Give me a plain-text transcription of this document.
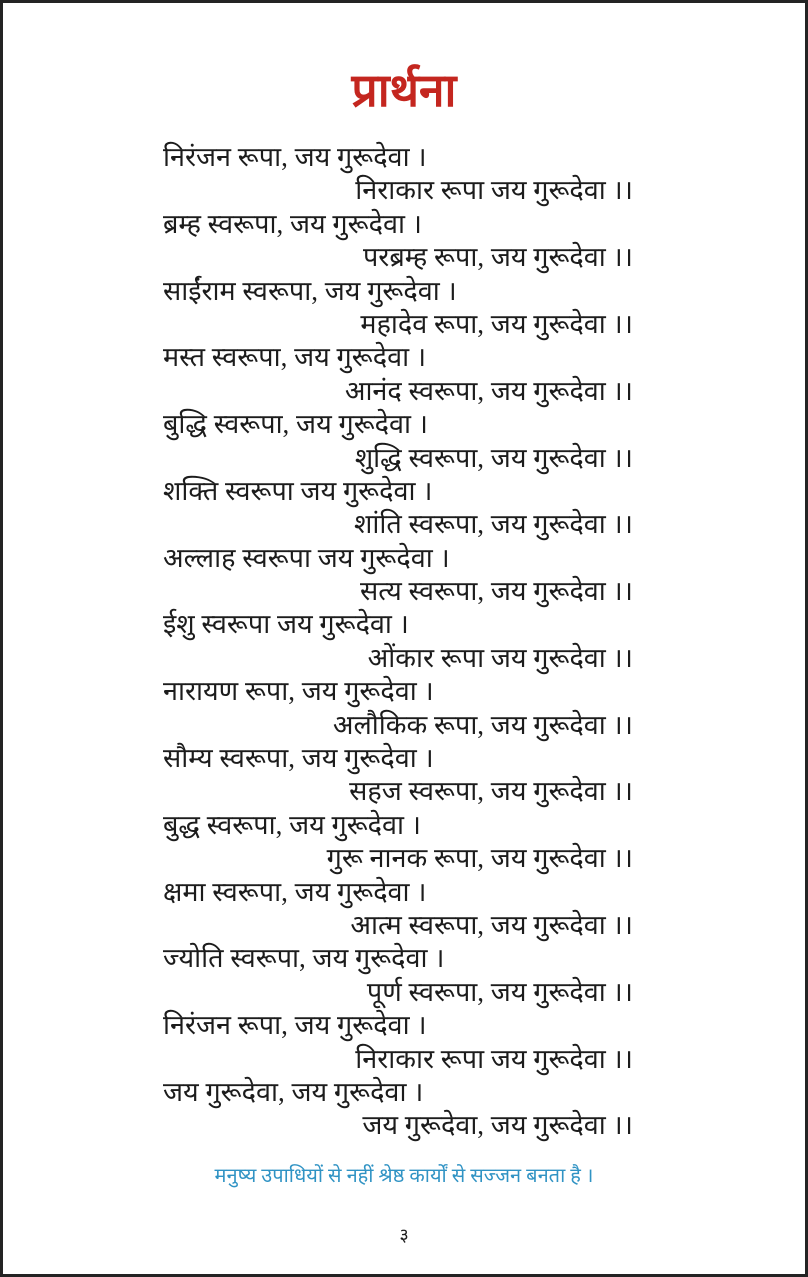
प्रार्थना
निरंजन रूपा, जय गुरूदेवा ।
निराकार रूपा जय गुरूदेवा ।।
ब्रम्ह स्वरूपा, जय गुरूदेवा ।
परब्रम्ह रूपा, जय गुरूदेवा ।।
साईंराम स्वरूपा, जय गुरूदेवा ।
महादेव रूपा, जय गुरूदेवा ।।
मस्त स्वरूपा, जय गुरूदेवा ।
आनंद स्वरूपा, जय गुरूदेवा ।।
बुद्धि स्वरूपा, जय गुरूदेवा ।
शुद्धि स्वरूपा, जय गुरूदेवा ।।
शक्ति स्वरूपा जय गुरूदेवा ।
शांति स्वरूपा, जय गुरूदेवा ।।
अल्लाह स्वरूपा जय गुरूदेवा ।
सत्य स्वरूपा, जय गुरूदेवा ।।
ईशु स्वरूपा जय गुरूदेवा ।
ओंकार रूपा जय गुरूदेवा ।।
नारायण रूपा, जय गुरूदेवा ।
अलौकिक रूपा, जय गुरूदेवा ।।
सौम्य स्वरूपा, जय गुरूदेवा ।
सहज स्वरूपा, जय गुरूदेवा ।।
बुद्ध स्वरूपा, जय गुरूदेवा ।
गुरू नानक रूपा, जय गुरूदेवा ।।
क्षमा स्वरूपा, जय गुरूदेवा ।
आत्म स्वरूपा, जय गुरूदेवा ।।
ज्योति स्वरूपा, जय गुरूदेवा ।
पूर्ण स्वरूपा, जय गुरूदेवा ।।
निरंजन रूपा, जय गुरूदेवा ।
निराकार रूपा जय गुरूदेवा ।।
जय गुरूदेवा, जय गुरूदेवा ।
जय गुरूदेवा, जय गुरूदेवा ।।
मनुष्य उपाधियों से नहीं श्रेष्ठ कार्यों से सज्जन बनता है ।
३
